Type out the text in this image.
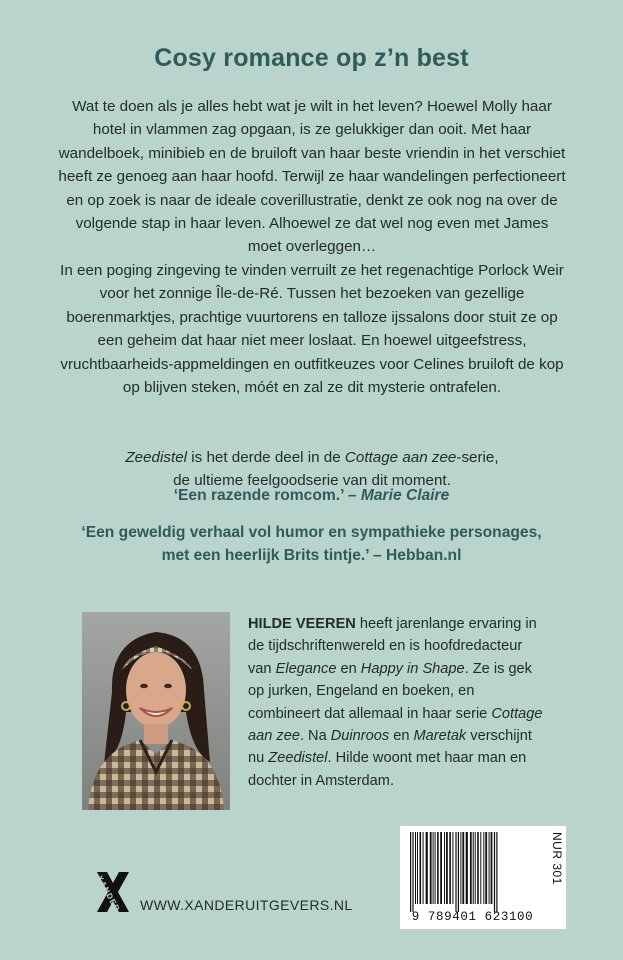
Cosy romance op z’n best
Wat te doen als je alles hebt wat je wilt in het leven? Hoewel Molly haar hotel in vlammen zag opgaan, is ze gelukkiger dan ooit. Met haar wandelboek, minibieb en de bruiloft van haar beste vriendin in het verschiet heeft ze genoeg aan haar hoofd. Terwijl ze haar wandelingen perfectioneert en op zoek is naar de ideale coverillustratie, denkt ze ook nog na over de volgende stap in haar leven. Alhoewel ze dat wel nog even met James moet overleggen…
In een poging zingeving te vinden verruilt ze het regenachtige Porlock Weir voor het zonnige Île-de-Ré. Tussen het bezoeken van gezellige boerenmarktjes, prachtige vuurtorens en talloze ijssalons door stuit ze op een geheim dat haar niet meer loslaat. En hoewel uitgeefstress, vruchtbaarheids-appmeldingen en outfitkeuzes voor Celines bruiloft de kop op blijven steken, móét en zal ze dit mysterie ontrafelen.
Zeedistel is het derde deel in de Cottage aan zee-serie,
de ultieme feelgoodserie van dit moment.
‘Een razende romcom.’ – Marie Claire
‘Een geweldig verhaal vol humor en sympathieke personages,
met een heerlijk Brits tintje.’ – Hebban.nl
HILDE VEEREN heeft jarenlange ervaring in de tijdschriftenwereld en is hoofdredacteur van Elegance en Happy in Shape. Ze is gek op jurken, Engeland en boeken, en combineert dat allemaal in haar serie Cottage aan zee. Na Duinroos en Maretak verschijnt nu Zeedistel. Hilde woont met haar man en dochter in Amsterdam.
9 789401 623100
NUR 301
XANDER WWW.XANDERUITGEVERS.NL
